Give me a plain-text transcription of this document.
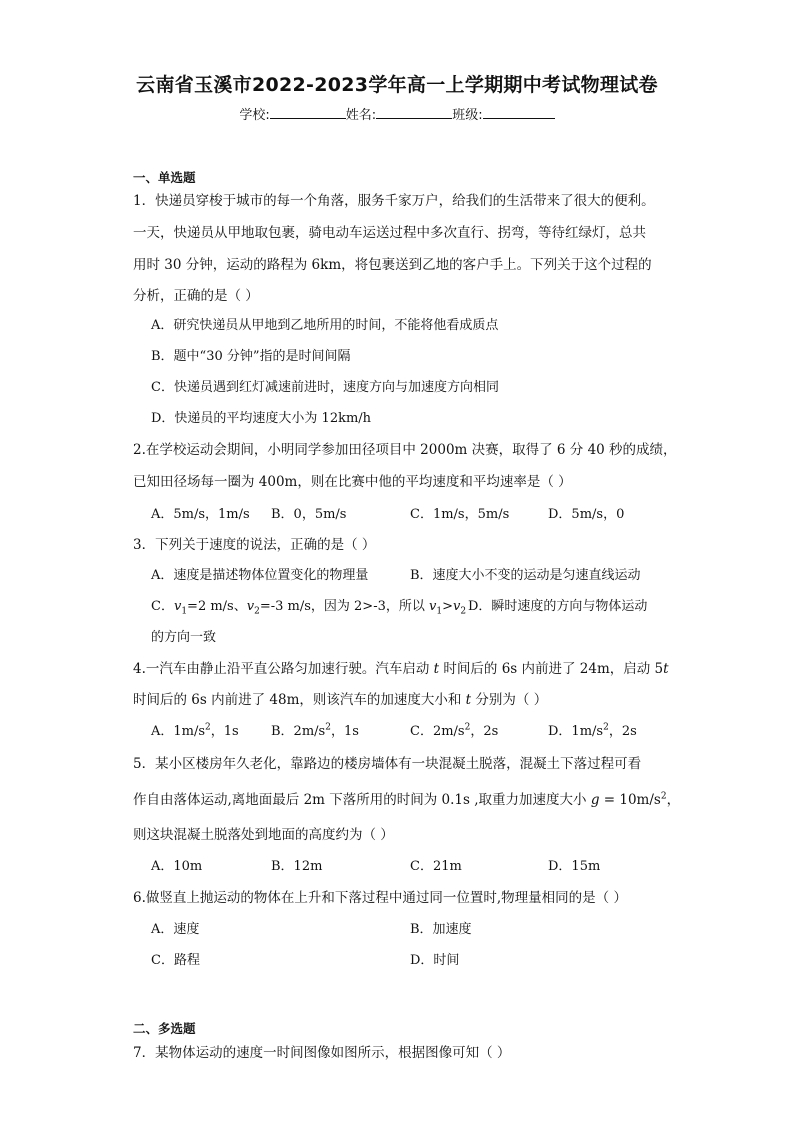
云南省玉溪市2022-2023学年高一上学期期中考试物理试卷
学校:	姓名:	班级:
一、单选题
1．快递员穿梭于城市的每一个角落，服务千家万户，给我们的生活带来了很大的便利。
一天，快递员从甲地取包裹，骑电动车运送过程中多次直行、拐弯，等待红绿灯，总共
用时 30 分钟，运动的路程为 6km，将包裹送到乙地的客户手上。下列关于这个过程的
分析，正确的是（ ）
A．研究快递员从甲地到乙地所用的时间，不能将他看成质点
B．题中“30 分钟”指的是时间间隔
C．快递员遇到红灯减速前进时，速度方向与加速度方向相同
D．快递员的平均速度大小为 12km/h
2.在学校运动会期间，小明同学参加田径项目中 2000m 决赛，取得了 6 分 40 秒的成绩，
已知田径场每一圈为 400m，则在比赛中他的平均速度和平均速率是（ ）
A．5m/s，1m/s B．0，5m/s	C．1m/s，5m/s	D．5m/s，0
3．下列关于速度的说法，正确的是（ ）
A．速度是描述物体位置变化的物理量	B．速度大小不变的运动是匀速直线运动
C．$v_1=2$ m/s、$v_2=-3$ m/s，因为 2>-3，所以 $v_1>v_2$ D．瞬时速度的方向与物体运动
的方向一致
4.一汽车由静止沿平直公路匀加速行驶。汽车启动 t 时间后的 6s 内前进了 24m，启动 5t
时间后的 6s 内前进了 48m，则该汽车的加速度大小和 t 分别为（ ）
A．$1m/s^2$，1s B．$2m/s^2$，1s	C．$2m/s^2$，2s	D．$1m/s^2$，2s
5．某小区楼房年久老化，靠路边的楼房墙体有一块混凝土脱落，混凝土下落过程可看
作自由落体运动,离地面最后 2m 下落所用的时间为 0.1s ,取重力加速度大小 $g = 10m/s^2$，
则这块混凝土脱落处到地面的高度约为（ ）
A．10m	B．12m	C．21m	D．15m
6.做竖直上抛运动的物体在上升和下落过程中通过同一位置时,物理量相同的是（ ）
A．速度	B．加速度
C．路程	D．时间
二、多选题
7．某物体运动的速度一时间图像如图所示，根据图像可知（ ）
